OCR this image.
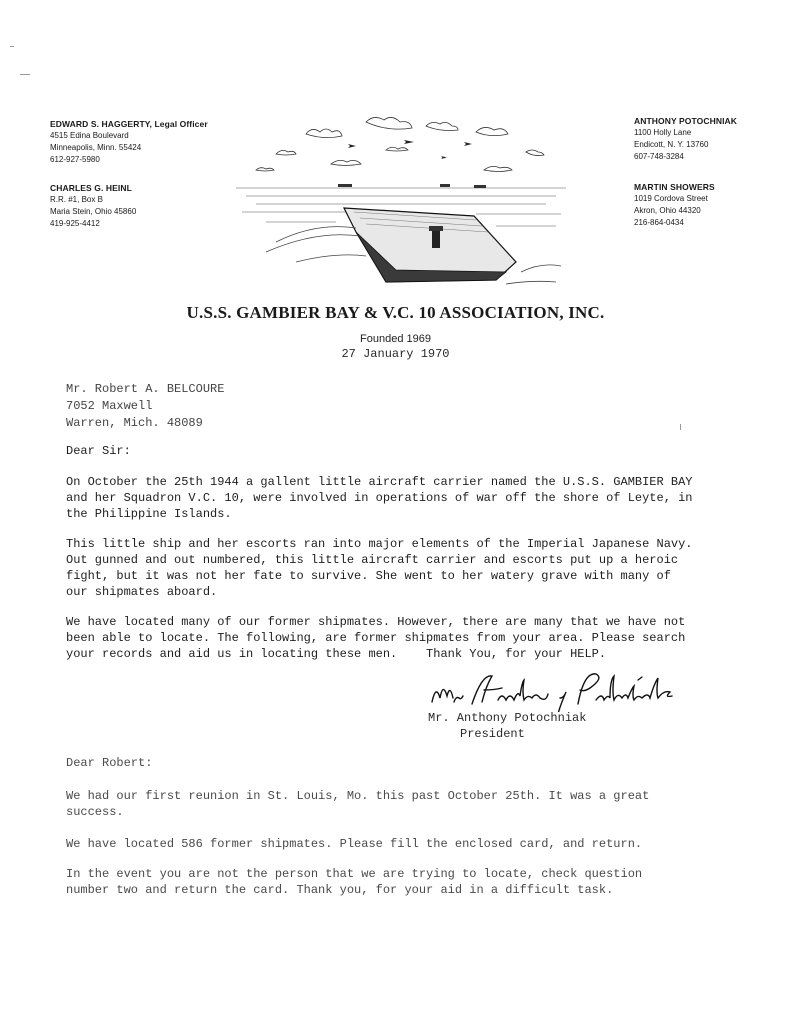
EDWARD S. HAGGERTY, Legal Officer
4515 Edina Boulevard
Minneapolis, Minn. 55424
612-927-5980
CHARLES G. HEINL
R.R. #1, Box B
Maria Stein, Ohio 45860
419-925-4412
ANTHONY POTOCHNIAK
1100 Holly Lane
Endicott, N. Y. 13760
607-748-3284
MARTIN SHOWERS
1019 Cordova Street
Akron, Ohio 44320
216-864-0434
U.S.S. GAMBIER BAY & V.C. 10 ASSOCIATION, INC.
Founded 1969
27 January 1970
Mr. Robert A. BELCOURE
7052 Maxwell
Warren, Mich. 48089
Dear Sir:
On October the 25th 1944 a gallent little aircraft carrier named the U.S.S. GAMBIER BAY
and her Squadron V.C. 10, were involved in operations of war off the shore of Leyte, in
the Philippine Islands.
This little ship and her escorts ran into major elements of the Imperial Japanese Navy.
Out gunned and out numbered, this little aircraft carrier and escorts put up a heroic
fight, but it was not her fate to survive. She went to her watery grave with many of
our shipmates aboard.
We have located many of our former shipmates. However, there are many that we have not
been able to locate. The following, are former shipmates from your area. Please search
your records and aid us in locating these men.    Thank You, for your HELP.
Mr. Anthony Potochniak
President
Dear Robert:
We had our first reunion in St. Louis, Mo. this past October 25th. It was a great
success.
We have located 586 former shipmates. Please fill the enclosed card, and return.
In the event you are not the person that we are trying to locate, check question
number two and return the card. Thank you, for your aid in a difficult task.
